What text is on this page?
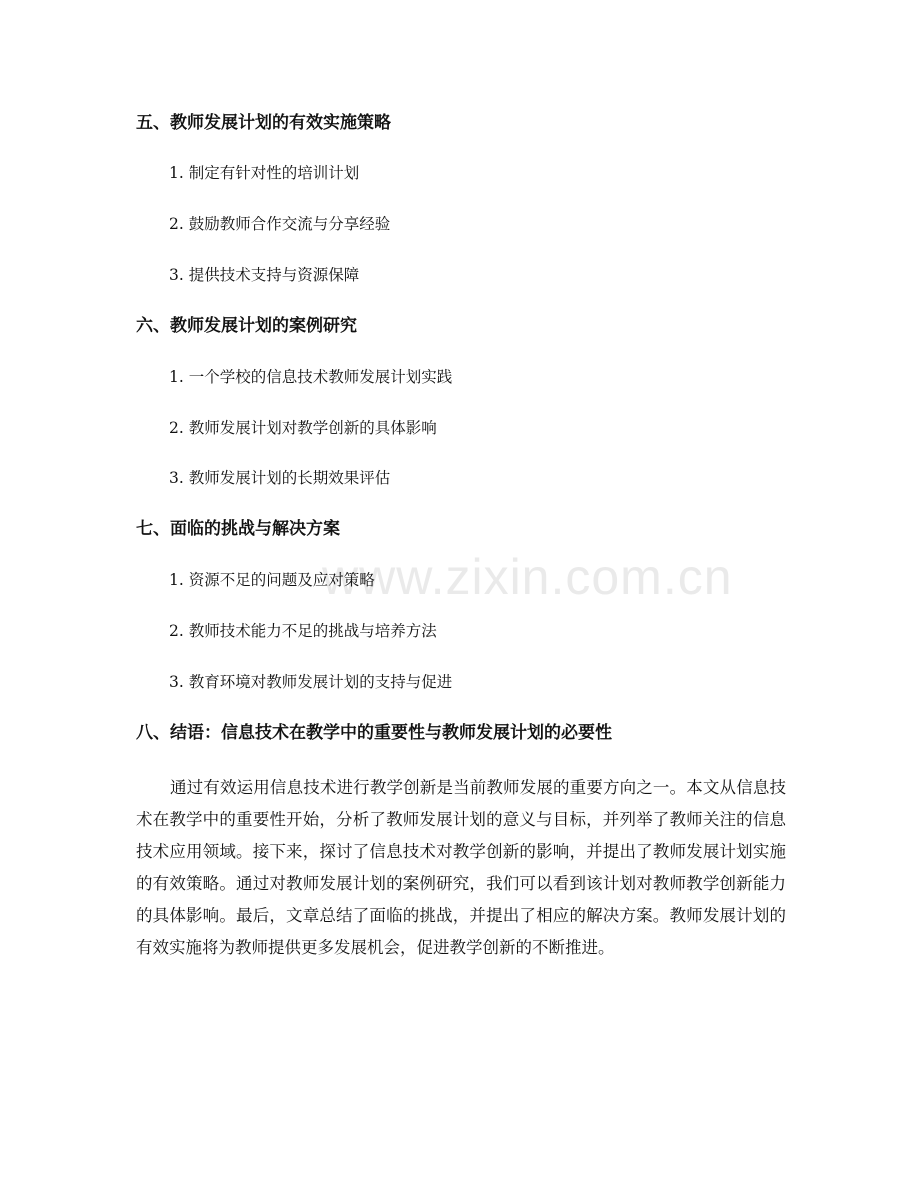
www.zixin.com.cn
五、教师发展计划的有效实施策略
1. 制定有针对性的培训计划
2. 鼓励教师合作交流与分享经验
3. 提供技术支持与资源保障
六、教师发展计划的案例研究
1. 一个学校的信息技术教师发展计划实践
2. 教师发展计划对教学创新的具体影响
3. 教师发展计划的长期效果评估
七、面临的挑战与解决方案
1. 资源不足的问题及应对策略
2. 教师技术能力不足的挑战与培养方法
3. 教育环境对教师发展计划的支持与促进
八、结语：信息技术在教学中的重要性与教师发展计划的必要性

通过有效运用信息技术进行教学创新是当前教师发展的重要方向之一。本文从信息技术在教学中的重要性开始，分析了教师发展计划的意义与目标，并列举了教师关注的信息技术应用领域。接下来，探讨了信息技术对教学创新的影响，并提出了教师发展计划实施的有效策略。通过对教师发展计划的案例研究，我们可以看到该计划对教师教学创新能力的具体影响。最后，文章总结了面临的挑战，并提出了相应的解决方案。教师发展计划的有效实施将为教师提供更多发展机会，促进教学创新的不断推进。
